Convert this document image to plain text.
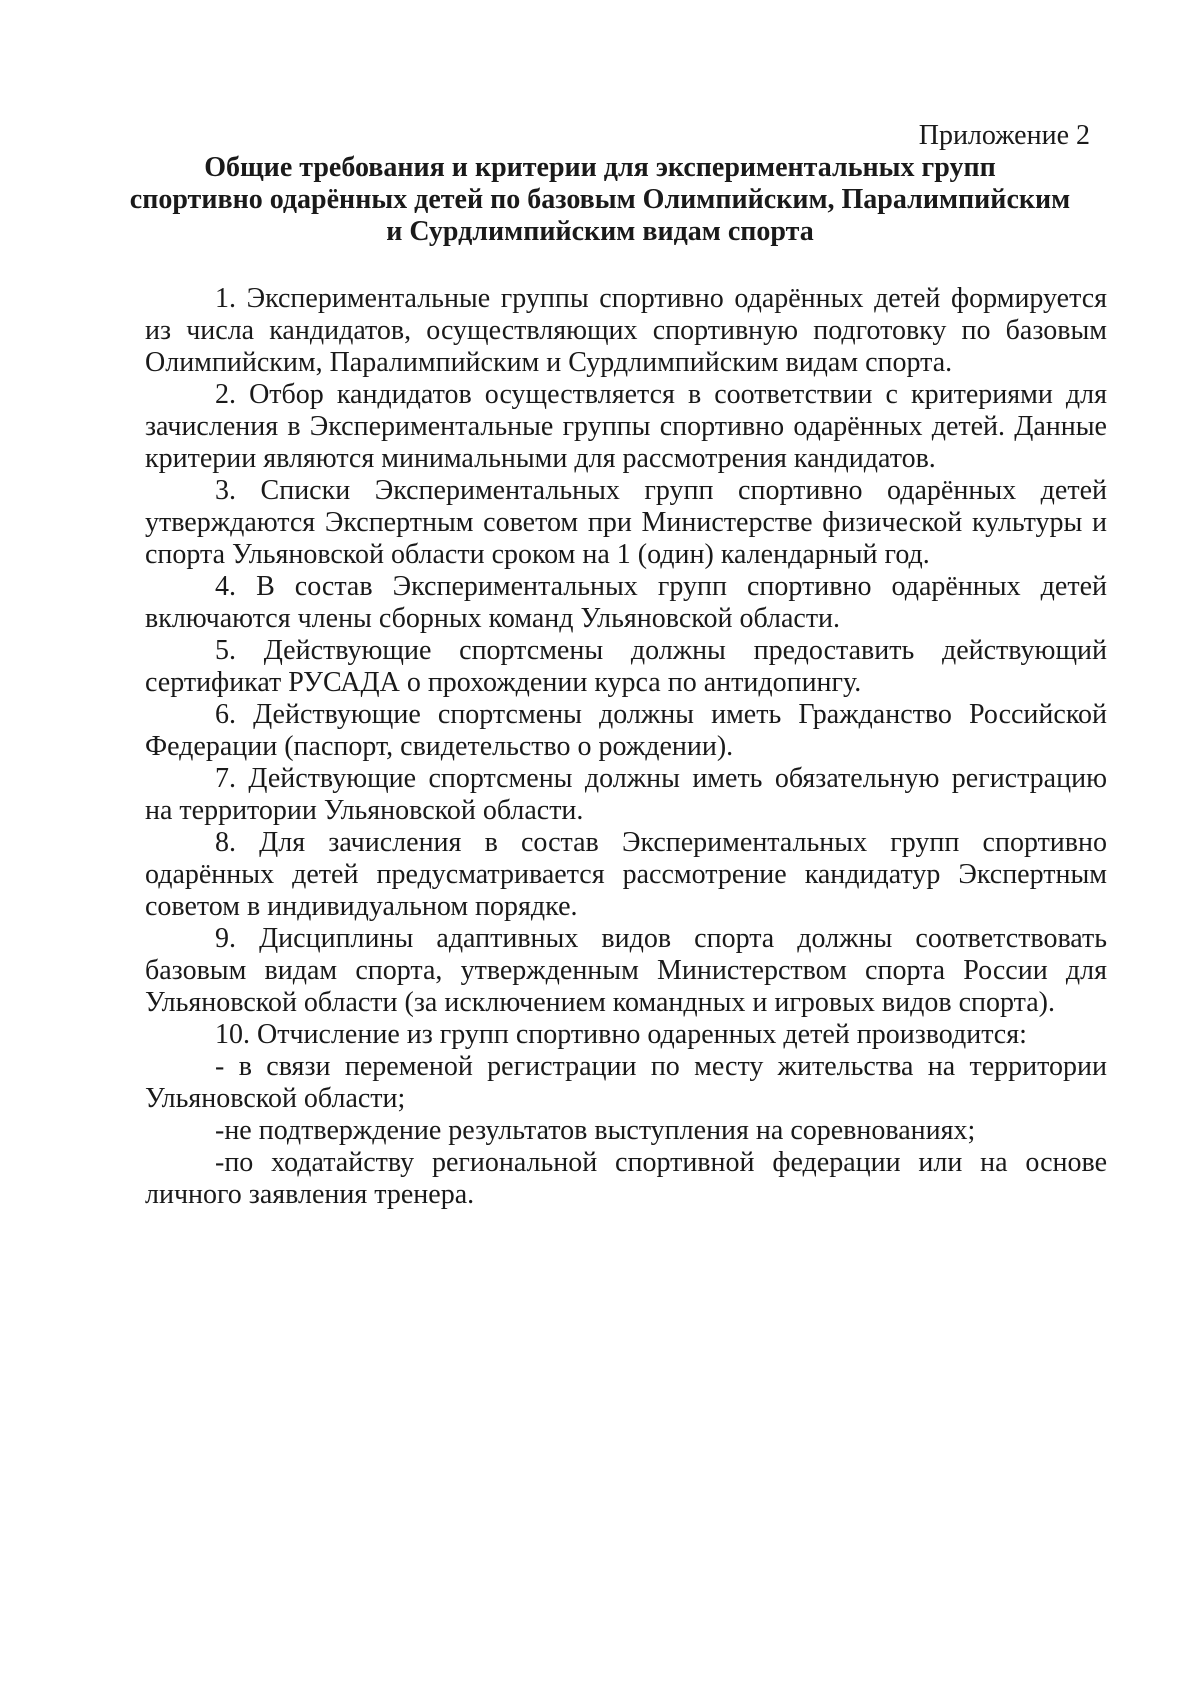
Приложение 2
Общие требования и критерии для экспериментальных групп
спортивно одарённых детей по базовым Олимпийским, Паралимпийским
и Сурдлимпийским видам спорта

1. Экспериментальные группы спортивно одарённых детей формируется из числа кандидатов, осуществляющих спортивную подготовку по базовым Олимпийским, Паралимпийским и Сурдлимпийским видам спорта.

2. Отбор кандидатов осуществляется в соответствии с критериями для зачисления в Экспериментальные группы спортивно одарённых детей. Данные критерии являются минимальными для рассмотрения кандидатов.

3. Списки Экспериментальных групп спортивно одарённых детей утверждаются Экспертным советом при Министерстве физической культуры и спорта Ульяновской области сроком на 1 (один) календарный год.

4. В состав Экспериментальных групп спортивно одарённых детей включаются члены сборных команд Ульяновской области.

5. Действующие спортсмены должны предоставить действующий сертификат РУСАДА о прохождении курса по антидопингу.

6. Действующие спортсмены должны иметь Гражданство Российской Федерации (паспорт, свидетельство о рождении).

7. Действующие спортсмены должны иметь обязательную регистрацию на территории Ульяновской области.

8. Для зачисления в состав Экспериментальных групп спортивно одарённых детей предусматривается рассмотрение кандидатур Экспертным советом в индивидуальном порядке.

9. Дисциплины адаптивных видов спорта должны соответствовать базовым видам спорта, утвержденным Министерством спорта России для Ульяновской области (за исключением командных и игровых видов спорта).

10. Отчисление из групп спортивно одаренных детей производится:

- в связи переменой регистрации по месту жительства на территории Ульяновской области;

-не подтверждение результатов выступления на соревнованиях;

-по ходатайству региональной спортивной федерации или на основе личного заявления тренера.
